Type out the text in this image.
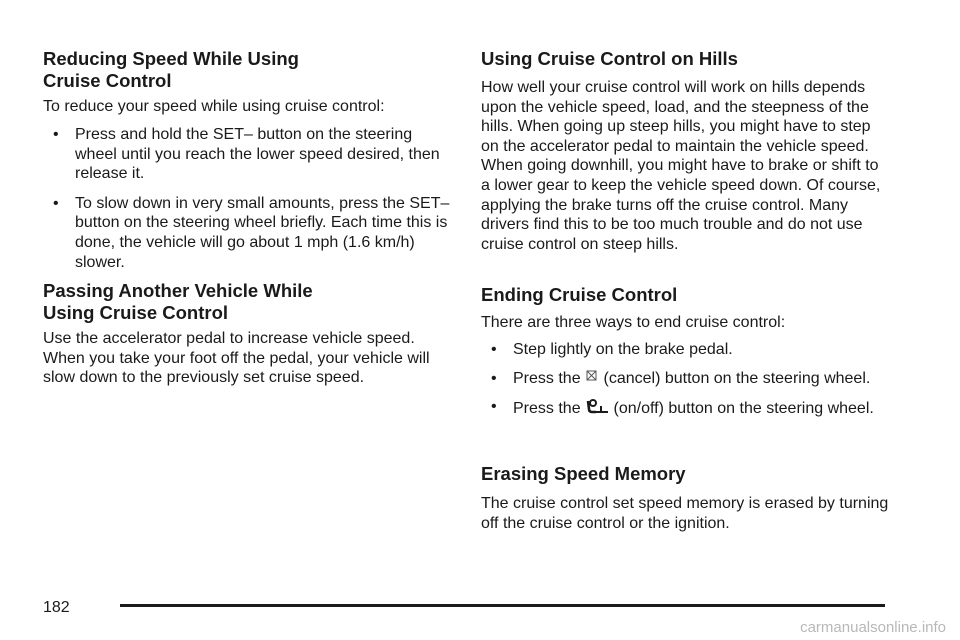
Reducing Speed While Using
Cruise Control

To reduce your speed while using cruise control:

• Press and hold the SET– button on the steering wheel until you reach the lower speed desired, then release it.
• To slow down in very small amounts, press the SET– button on the steering wheel briefly. Each time this is done, the vehicle will go about 1 mph (1.6 km/h) slower.
Passing Another Vehicle While
Using Cruise Control

Use the accelerator pedal to increase vehicle speed. When you take your foot off the pedal, your vehicle will slow down to the previously set cruise speed.

Using Cruise Control on Hills

How well your cruise control will work on hills depends upon the vehicle speed, load, and the steepness of the hills. When going up steep hills, you might have to step on the accelerator pedal to maintain the vehicle speed. When going downhill, you might have to brake or shift to a lower gear to keep the vehicle speed down. Of course, applying the brake turns off the cruise control. Many drivers find this to be too much trouble and do not use cruise control on steep hills.

Ending Cruise Control

There are three ways to end cruise control:

• Step lightly on the brake pedal.
• Press the (cancel) button on the steering wheel.
• Press the (on/off) button on the steering wheel.
Erasing Speed Memory

The cruise control set speed memory is erased by turning off the cruise control or the ignition.

182
carmanualsonline.info
